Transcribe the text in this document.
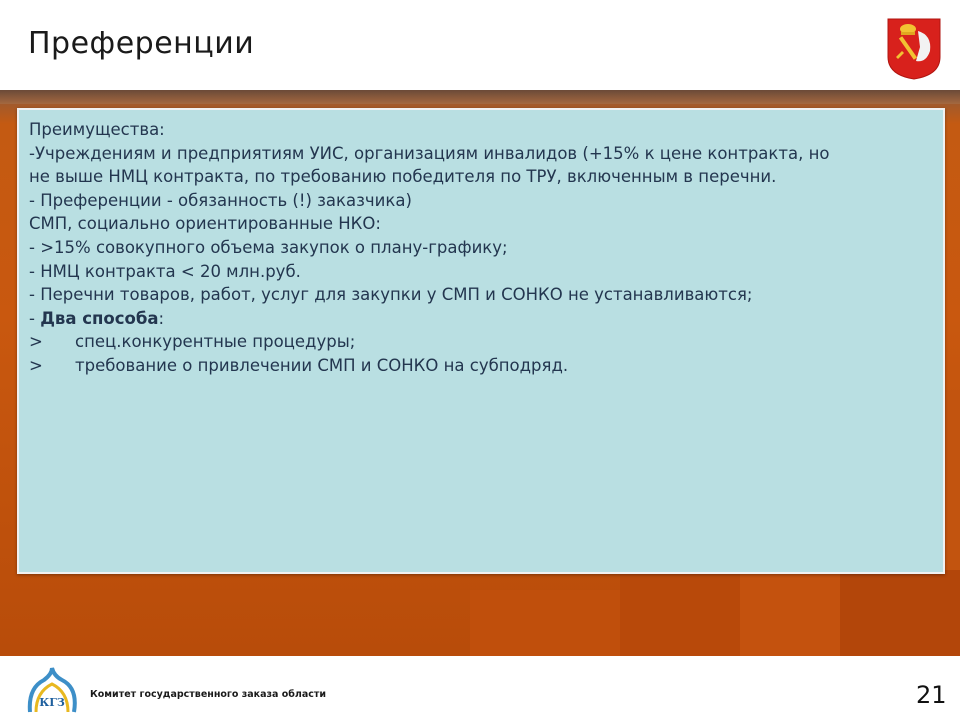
Преференции
Преимущества:
-Учреждениям и предприятиям УИС, организациям инвалидов (+15% к цене контракта, но
не выше НМЦ контракта, по требованию победителя по ТРУ, включенным в перечни.
- Преференции - обязанность (!) заказчика)
СМП, социально ориентированные НКО:
- >15% совокупного объема закупок о плану-графику;
- НМЦ контракта < 20 млн.руб.
- Перечни товаров, работ, услуг для закупки у СМП и СОНКО не устанавливаются;
- Два способа:
> спец.конкурентные процедуры;
> требование о привлечении СМП и СОНКО на субподряд.
КГЗ
Комитет государственного заказа области	21
